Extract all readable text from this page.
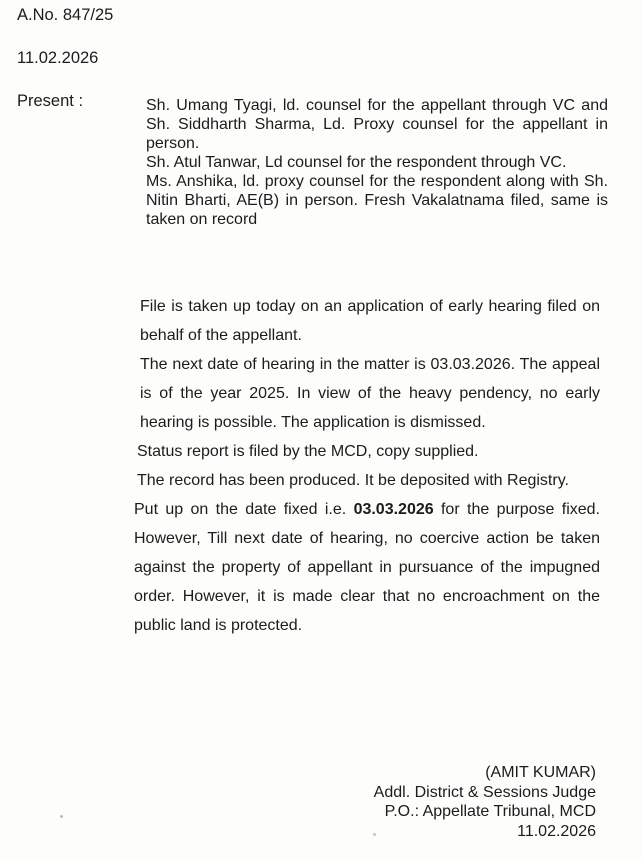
A.No. 847/25
11.02.2026
Present :	Sh. Umang Tyagi, ld. counsel for the appellant through VC and Sh. Siddharth Sharma, Ld. Proxy counsel for the appellant in person.

Sh. Atul Tanwar, Ld counsel for the respondent through VC.

Ms. Anshika, ld. proxy counsel for the respondent along with Sh. Nitin Bharti, AE(B) in person. Fresh Vakalatnama filed, same is taken on record

File is taken up today on an application of early hearing filed on behalf of the appellant.

The next date of hearing in the matter is 03.03.2026. The appeal is of the year 2025. In view of the heavy pendency, no early hearing is possible. The application is dismissed.

Status report is filed by the MCD, copy supplied.

The record has been produced. It be deposited with Registry.

Put up on the date fixed i.e. 03.03.2026 for the purpose fixed. However, Till next date of hearing, no coercive action be taken against the property of appellant in pursuance of the impugned order. However, it is made clear that no encroachment on the public land is protected.

(AMIT KUMAR)
Addl. District & Sessions Judge
P.O.: Appellate Tribunal, MCD
11.02.2026
